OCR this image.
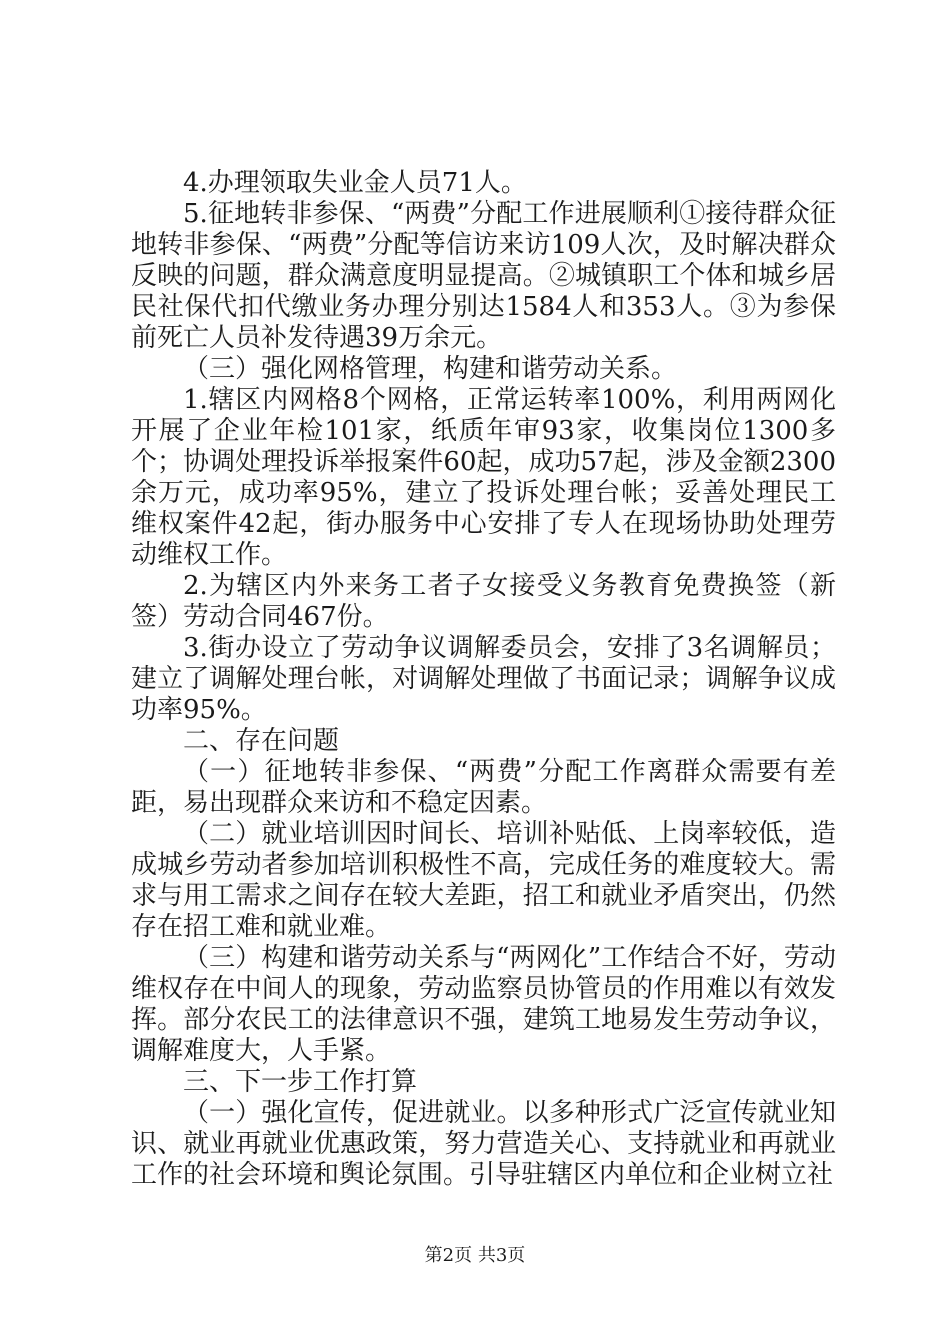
4.办理领取失业金人员71人。

5.征地转非参保、“两费”分配工作进展顺利①接待群众征地转非参保、“两费”分配等信访来访109人次，及时解决群众反映的问题，群众满意度明显提高。②城镇职工个体和城乡居民社保代扣代缴业务办理分别达1584人和353人。③为参保前死亡人员补发待遇39万余元。

（三）强化网格管理，构建和谐劳动关系。

1.辖区内网格8个网格，正常运转率100%，利用两网化开展了企业年检101家，纸质年审93家，收集岗位1300多个；协调处理投诉举报案件60起，成功57起，涉及金额2300余万元，成功率95%，建立了投诉处理台帐；妥善处理民工维权案件42起，街办服务中心安排了专人在现场协助处理劳动维权工作。

2.为辖区内外来务工者子女接受义务教育免费换签（新签）劳动合同467份。

3.街办设立了劳动争议调解委员会，安排了3名调解员；建立了调解处理台帐，对调解处理做了书面记录；调解争议成功率95%。

二、存在问题

（一）征地转非参保、“两费”分配工作离群众需要有差距，易出现群众来访和不稳定因素。

（二）就业培训因时间长、培训补贴低、上岗率较低，造成城乡劳动者参加培训积极性不高，完成任务的难度较大。需求与用工需求之间存在较大差距，招工和就业矛盾突出，仍然存在招工难和就业难。

（三）构建和谐劳动关系与“两网化”工作结合不好，劳动维权存在中间人的现象，劳动监察员协管员的作用难以有效发挥。部分农民工的法律意识不强，建筑工地易发生劳动争议，调解难度大，人手紧。

三、下一步工作打算

（一）强化宣传，促进就业。以多种形式广泛宣传就业知识、就业再就业优惠政策，努力营造关心、支持就业和再就业工作的社会环境和舆论氛围。引导驻辖区内单位和企业树立社

第2页 共3页
